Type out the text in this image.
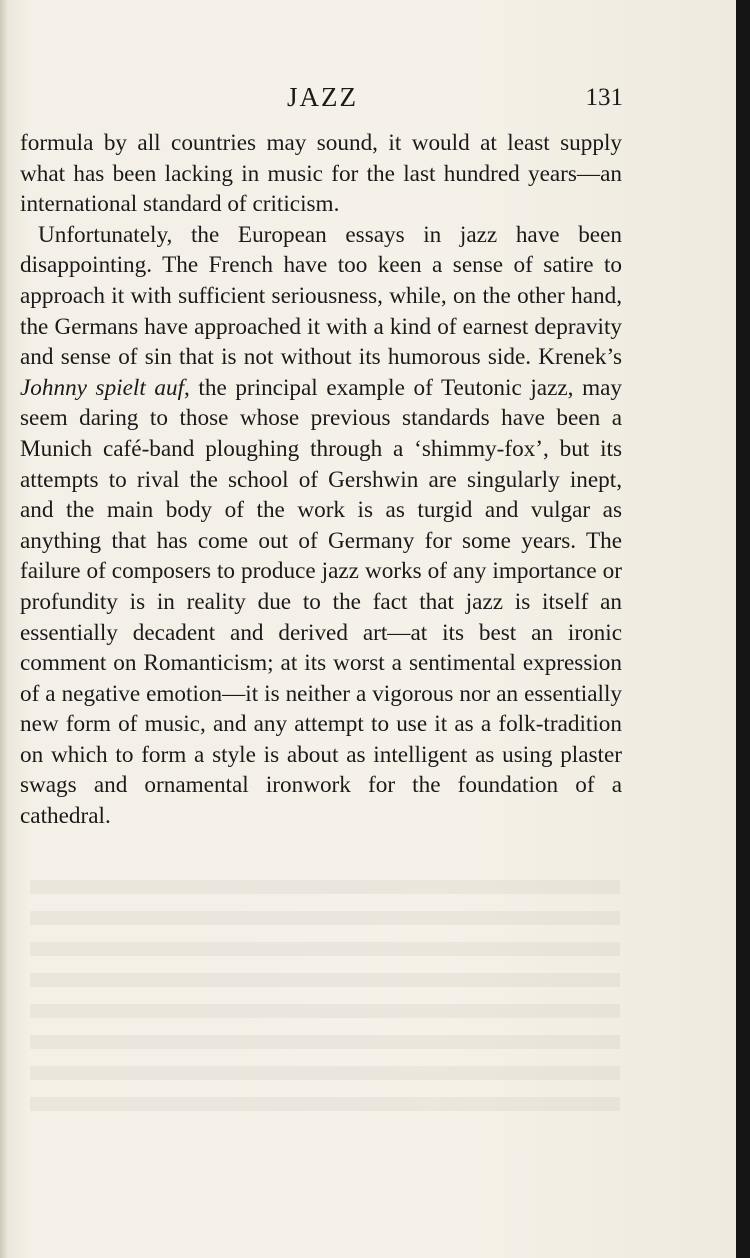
JAZZ	131

formula by all countries may sound, it would at least supply what has been lacking in music for the last hundred years—an international standard of criticism.

Unfortunately, the European essays in jazz have been disappointing. The French have too keen a sense of satire to approach it with sufficient seriousness, while, on the other hand, the Germans have approached it with a kind of earnest depravity and sense of sin that is not without its humorous side. Krenek’s Johnny spielt auf, the principal example of Teutonic jazz, may seem daring to those whose previous standards have been a Munich café-band ploughing through a ‘shimmy-fox’, but its attempts to rival the school of Gershwin are singularly inept, and the main body of the work is as turgid and vulgar as anything that has come out of Germany for some years. The failure of composers to produce jazz works of any importance or profundity is in reality due to the fact that jazz is itself an essentially decadent and derived art—at its best an ironic comment on Romanticism; at its worst a sentimental expression of a negative emotion—it is neither a vigorous nor an essentially new form of music, and any attempt to use it as a folk-tradition on which to form a style is about as intelligent as using plaster swags and ornamental ironwork for the foundation of a cathedral.
